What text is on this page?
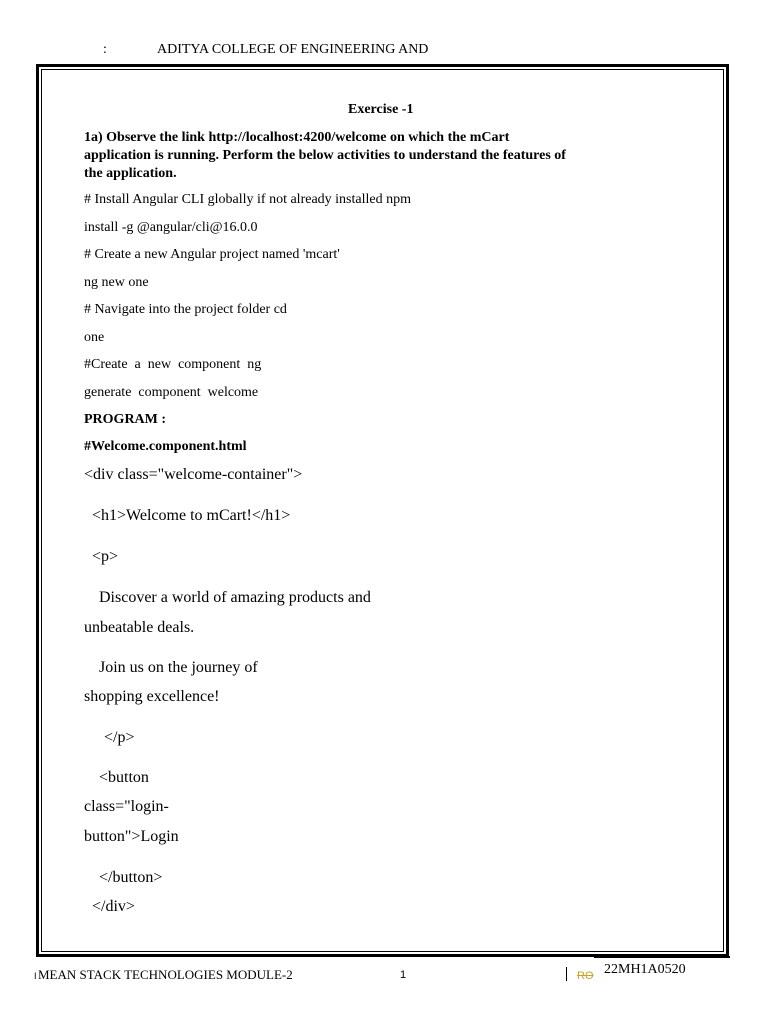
:	ADITYA COLLEGE OF ENGINEERING AND
Exercise -1
1a) Observe the link http://localhost:4200/welcome on which the mCart
application is running. Perform the below activities to understand the features of
the application.
# Install Angular CLI globally if not already installed npm
install -g @angular/cli@16.0.0
# Create a new Angular project named 'mcart'
ng new one
# Navigate into the project folder cd
one
#Create  a  new  component  ng
generate  component  welcome
PROGRAM :
#Welcome.component.html
<div class="welcome-container">
<h1>Welcome to mCart!</h1>
<p>
Discover a world of amazing products and
unbeatable deals.
Join us on the journey of
shopping excellence!
</p>
<button
class="login-
button">Login
</button>
</div>
I MEAN STACK TECHNOLOGIES MODULE-2	1	RO 22MH1A0520
